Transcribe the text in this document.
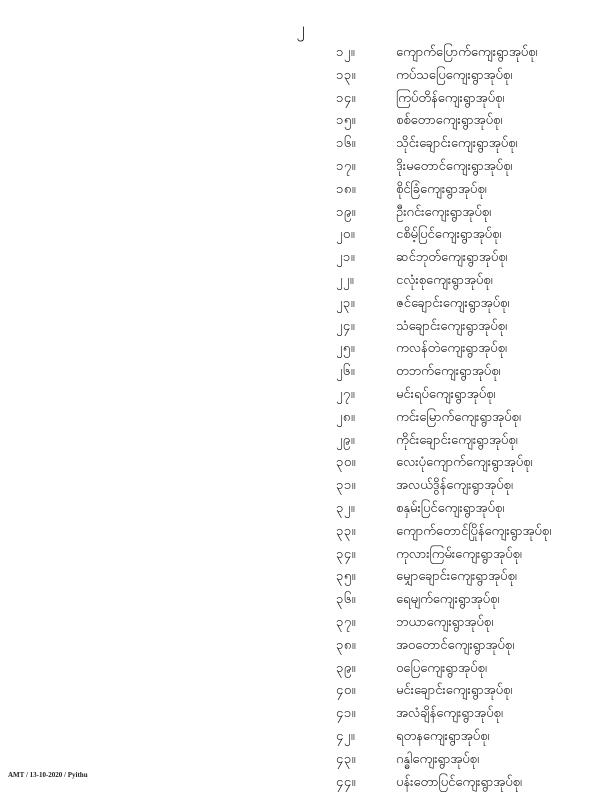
၂
၁၂။	ကျောက်ပြောက်ကျေးရွာအုပ်စု၊
၁၃။	ကပ်သပြေကျေးရွာအုပ်စု၊
၁၄။	ကြပ်တိန်ကျေးရွာအုပ်စု၊
၁၅။	စစ်တောကျေးရွာအုပ်စု၊
၁၆။	သိုင်းချောင်းကျေးရွာအုပ်စု၊
၁၇။	ဒိုးမတောင်ကျေးရွာအုပ်စု၊
၁၈။	စိုင်ခြံကျေးရွာအုပ်စု၊
၁၉။	ဦးဂင်းကျေးရွာအုပ်စု၊
၂၀။	ငစိမ့်ပြင်ကျေးရွာအုပ်စု၊
၂၁။	ဆင်ဘုတ်ကျေးရွာအုပ်စု၊
၂၂။	ငလုံးစုကျေးရွာအုပ်စု၊
၂၃။	ဇင်ချောင်းကျေးရွာအုပ်စု၊
၂၄။	သံချောင်းကျေးရွာအုပ်စု၊
၂၅။	ကလန်တဲကျေးရွာအုပ်စု၊
၂၆။	တဘက်ကျေးရွာအုပ်စု၊
၂၇။	မင်းရပ်ကျေးရွာအုပ်စု၊
၂၈။	ကင်းမြောက်ကျေးရွာအုပ်စု၊
၂၉။	ကိုင်းချောင်းကျေးရွာအုပ်စု၊
၃၀။	လေးပုံကျောက်ကျေးရွာအုပ်စု၊
၃၁။	အလယ်ဒွိန်ကျေးရွာအုပ်စု၊
၃၂။	စနှမ်းပြင်ကျေးရွာအုပ်စု၊
၃၃။	ကျောက်တောင်ပြိုန်ကျေးရွာအုပ်စု၊
၃၄။	ကုလားကြမ်းကျေးရွာအုပ်စု၊
၃၅။	မျှောချောင်းကျေးရွာအုပ်စု၊
၃၆။	ရေမျက်ကျေးရွာအုပ်စု၊
၃၇။	ဘယာကျေးရွာအုပ်စု၊
၃၈။	အဝတောင်ကျေးရွာအုပ်စု၊
၃၉။	ဝပြေကျေးရွာအုပ်စု၊
၄၀။	မင်းချောင်းကျေးရွာအုပ်စု၊
၄၁။	အလံချိန်ကျေးရွာအုပ်စု၊
၄၂။	ရတနကျေးရွာအုပ်စု၊
၄၃။	ဂန္ဓါကျေးရွာအုပ်စု၊
၄၄။	ပန်းတောပြင်ကျေးရွာအုပ်စု၊
AMT / 13-10-2020 / Pyithu
